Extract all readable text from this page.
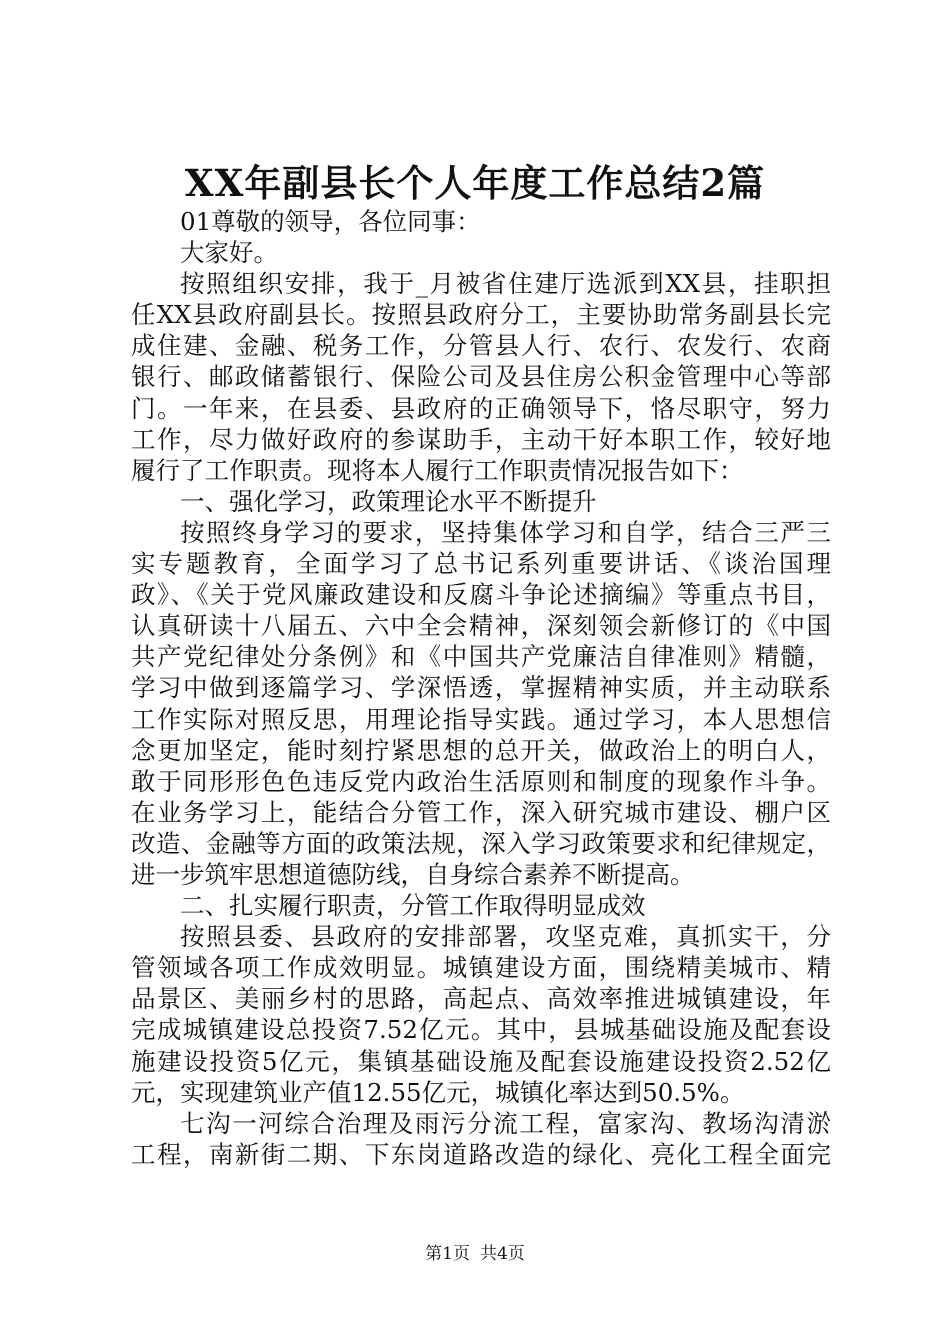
XX年副县长个人年度工作总结2篇
01尊敬的领导，各位同事：
大家好。
按照组织安排，我于_月被省住建厅选派到XX县，挂职担
任XX县政府副县长。按照县政府分工，主要协助常务副县长完
成住建、金融、税务工作，分管县人行、农行、农发行、农商
银行、邮政储蓄银行、保险公司及县住房公积金管理中心等部
门。一年来，在县委、县政府的正确领导下，恪尽职守，努力
工作，尽力做好政府的参谋助手，主动干好本职工作，较好地
履行了工作职责。现将本人履行工作职责情况报告如下：
一、强化学习，政策理论水平不断提升
按照终身学习的要求，坚持集体学习和自学，结合三严三
实专题教育，全面学习了总书记系列重要讲话、《谈治国理
政》、《关于党风廉政建设和反腐斗争论述摘编》等重点书目，
认真研读十八届五、六中全会精神，深刻领会新修订的《中国
共产党纪律处分条例》和《中国共产党廉洁自律准则》精髓，
学习中做到逐篇学习、学深悟透，掌握精神实质，并主动联系
工作实际对照反思，用理论指导实践。通过学习，本人思想信
念更加坚定，能时刻拧紧思想的总开关，做政治上的明白人，
敢于同形形色色违反党内政治生活原则和制度的现象作斗争。
在业务学习上，能结合分管工作，深入研究城市建设、棚户区
改造、金融等方面的政策法规，深入学习政策要求和纪律规定，
进一步筑牢思想道德防线，自身综合素养不断提高。
二、扎实履行职责，分管工作取得明显成效
按照县委、县政府的安排部署，攻坚克难，真抓实干，分
管领域各项工作成效明显。城镇建设方面，围绕精美城市、精
品景区、美丽乡村的思路，高起点、高效率推进城镇建设，年
完成城镇建设总投资7.52亿元。其中，县城基础设施及配套设
施建设投资5亿元，集镇基础设施及配套设施建设投资2.52亿
元，实现建筑业产值12.55亿元，城镇化率达到50.5%。
七沟一河综合治理及雨污分流工程，富家沟、教场沟清淤
工程，南新街二期、下东岗道路改造的绿化、亮化工程全面完
第1页 共4页
